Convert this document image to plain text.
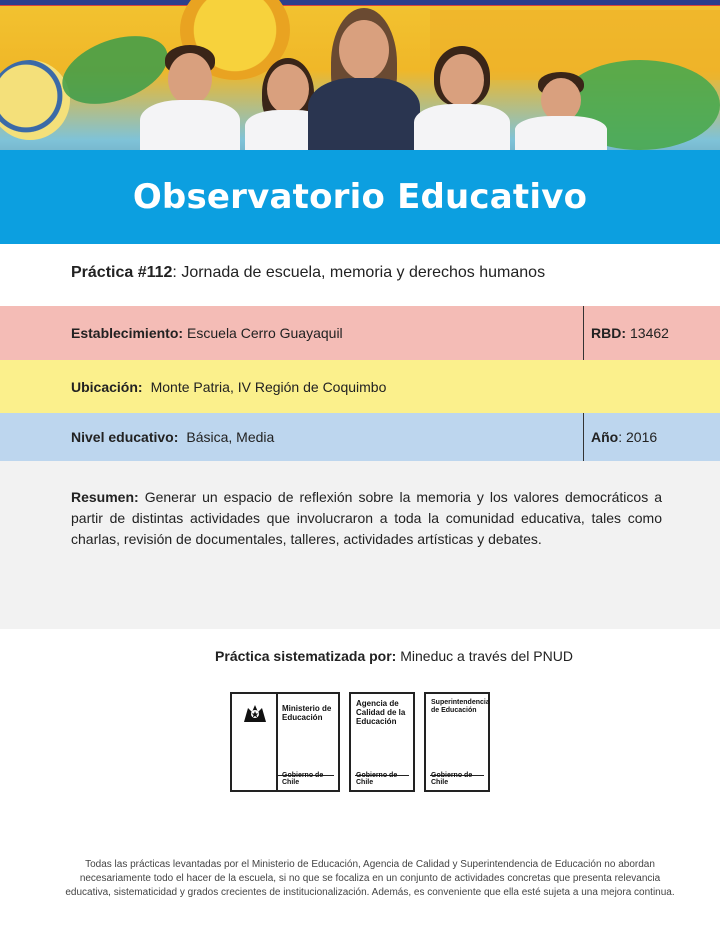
Observatorio Educativo
Práctica #112: Jornada de escuela, memoria y derechos humanos
Establecimiento: Escuela Cerro Guayaquil	RBD: 13462
Ubicación: Monte Patria, IV Región de Coquimbo
Nivel educativo: Básica, Media	Año : 2016
Resumen: Generar un espacio de reflexión sobre la memoria y los valores democráticos a partir de distintas actividades que involucraron a toda la comunidad educativa, tales como charlas, revisión de documentales, talleres, actividades artísticas y debates.
Práctica sistematizada por: Mineduc a través del PNUD
Ministerio de
Educación
Gobierno de Chile
Agencia de
Calidad de la
Educación
Gobierno de Chile
Superintendencia
de Educación
Gobierno de Chile
Todas las prácticas levantadas por el Ministerio de Educación, Agencia de Calidad y Superintendencia de Educación no abordan necesariamente todo el hacer de la escuela, si no que se focaliza en un conjunto de actividades concretas que presenta relevancia educativa, sistematicidad y grados crecientes de institucionalización. Además, es conveniente que ella esté sujeta a una mejora continua.
